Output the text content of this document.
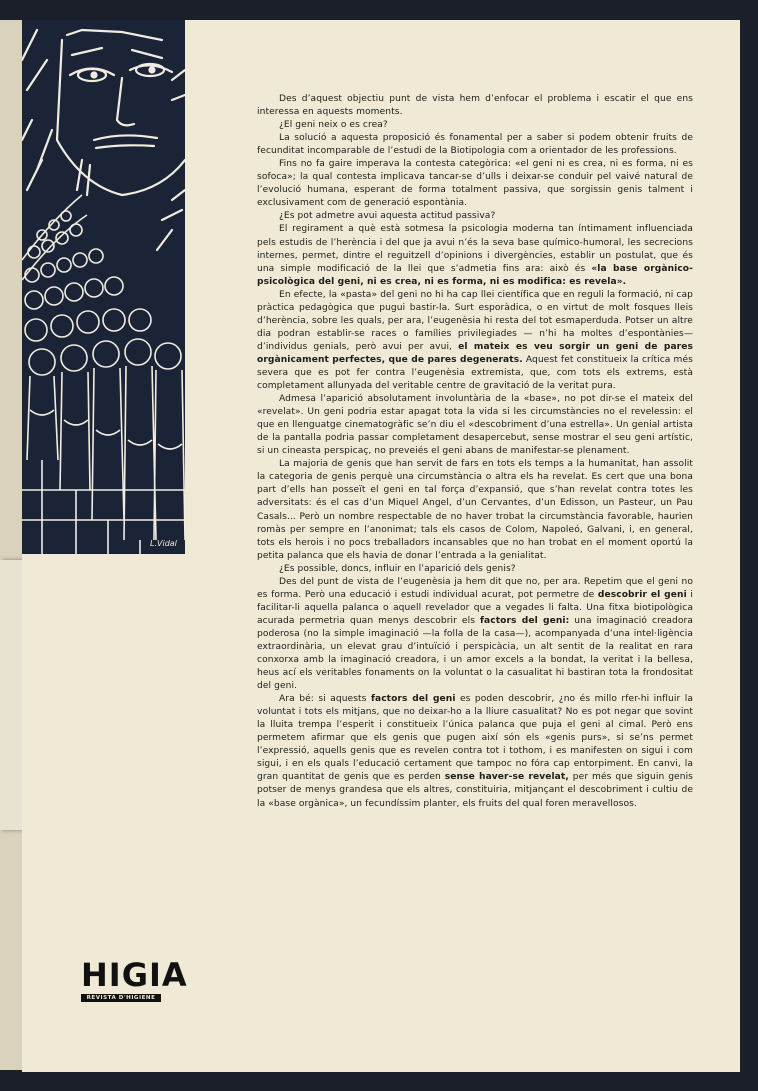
L.Vidal

Des d’aquest objectiu punt de vista hem d’enfocar el problema i escatir el que ens interessa en aquests moments.

¿El geni neix o es crea?

La solució a aquesta proposició és fonamental per a saber si podem obtenir fruits de fecunditat incomparable de l’estudi de la Biotipologia com a orientador de les professions.

Fins no fa gaire imperava la contesta categòrica: «el geni ni es crea, ni es forma, ni es sofoca»; la qual contesta implicava tancar-se d’ulls i deixar-se conduir pel vaivé natural de l’evolució humana, esperant de forma totalment passiva, que sorgissin genis talment i exclusivament com de generació espontània.

¿Es pot admetre avui aquesta actitud passiva?

El regirament a què està sotmesa la psicologia moderna tan íntimament influenciada pels estudis de l’herència i del que ja avui n’és la seva base químico-humoral, les secrecions internes, permet, dintre el reguitzell d’opinions i divergències, establir un postulat, que és una simple modificació de la llei que s’admetia fins ara: això és «la base orgànico-psicològica del geni, ni es crea, ni es forma, ni es modifica: es revela».

En efecte, la «pasta» del geni no hi ha cap llei científica que en reguli la formació, ni cap pràctica pedagògica que pugui bastir-la. Surt esporàdica, o en virtut de molt fosques lleis d’herència, sobre les quals, per ara, l’eugenèsia hi resta del tot esmaperduda. Potser un altre dia podran establir-se races o famílies privilegiades — n’hi ha moltes d’espontànies— d’individus genials, però avui per avui, el mateix es veu sorgir un geni de pares orgànicament perfectes, que de pares degenerats. Aquest fet constitueix la crítica més severa que es pot fer contra l’eugenèsia extremista, que, com tots els extrems, està completament allunyada del veritable centre de gravitació de la veritat pura.

Admesa l’aparició absolutament involuntària de la «base», no pot dir-se el mateix del «revelat». Un geni podria estar apagat tota la vida si les circumstàncies no el revelessin: el que en llenguatge cinematogràfic se’n diu el «descobriment d’una estrella». Un genial artista de la pantalla podria passar completament desapercebut, sense mostrar el seu geni artístic, si un cineasta perspicaç, no preveiés el geni abans de manifestar-se plenament.

La majoria de genis que han servit de fars en tots els temps a la humanitat, han assolit la categoria de genis perquè una circumstància o altra els ha revelat. Es cert que una bona part d’ells han posseït el geni en tal força d’expansió, que s’han revelat contra totes les adversitats: és el cas d’un Miquel Angel, d’un Cervantes, d’un Edisson, un Pasteur, un Pau Casals... Però un nombre respectable de no haver trobat la circumstància favorable, haurien romàs per sempre en l’anonimat; tals els casos de Colom, Napoleó, Galvani, i, en general, tots els herois i no pocs treballadors incansables que no han trobat en el moment oportú la petita palanca que els havia de donar l’entrada a la genialitat.

¿Es possible, doncs, influir en l’aparició dels genis?

Des del punt de vista de l’eugenèsia ja hem dit que no, per ara. Repetim que el geni no es forma. Però una educació i estudi individual acurat, pot permetre de descobrir el geni i facilitar-li aquella palanca o aquell revelador que a vegades li falta. Una fitxa biotipològica acurada permetria quan menys descobrir els factors del geni: una imaginació creadora poderosa (no la simple imaginació —la folla de la casa—), acompanyada d’una intel·ligència extraordinària, un elevat grau d’intuïció i perspicàcia, un alt sentit de la realitat en rara conxorxa amb la imaginació creadora, i un amor excels a la bondat, la veritat i la bellesa, heus ací els veritables fonaments on la voluntat o la casualitat hi bastiran tota la frondositat del geni.

Ara bé: si aquests factors del geni es poden descobrir, ¿no és millo rfer-hi influir la voluntat i tots els mitjans, que no deixar-ho a la lliure casualitat? No es pot negar que sovint la lluita trempa l’esperit i constitueix l’única palanca que puja el geni al cimal. Però ens permetem afirmar que els genis que pugen així són els «genis purs», si se’ns permet l’expressió, aquells genis que es revelen contra tot i tothom, i es manifesten on sigui i com sigui, i en els quals l’educació certament que tampoc no fóra cap entorpiment. En canvi, la gran quantitat de genis que es perden sense haver-se revelat, per més que siguin genis potser de menys grandesa que els altres, constituiria, mitjançant el descobriment i cultiu de la «base orgànica», un fecundíssim planter, els fruits del qual foren meravellosos.

HIGIA
REVISTA D'HIGIENE
